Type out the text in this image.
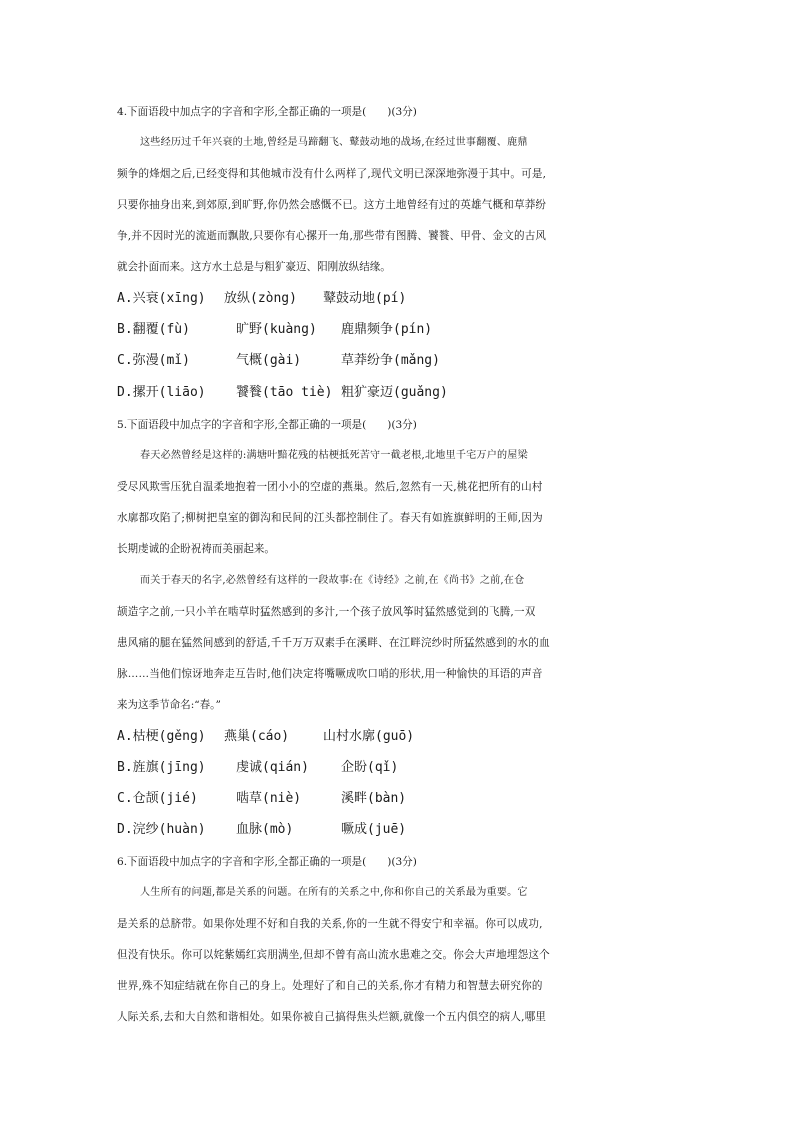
4.下面语段中加点字的字音和字形,全都正确的一项是(　　)(3分)
这些经历过千年兴衰的土地,曾经是马蹄翻飞、鼙鼓动地的战场,在经过世事翻覆、鹿鼎
频争的烽烟之后,已经变得和其他城市没有什么两样了,现代文明已深深地弥漫于其中。可是,
只要你抽身出来,到郊原,到旷野,你仍然会感慨不已。这方土地曾经有过的英雄气概和草莽纷
争,并不因时光的流逝而飘散,只要你有心摞开一角,那些带有图腾、饕餮、甲骨、金文的古风
就会扑面而来。这方水土总是与粗犷豪迈、阳刚放纵结缘。
A.兴衰(xīng) 放纵(zòng) 鼙鼓动地(pí)
B.翻覆(fù)	旷野(kuàng) 鹿鼎频争(pín)
C.弥漫(mǐ)	气概(gài)	草莽纷争(mǎng)
D.摞开(liāo) 饕餮(tāo tiè) 粗犷豪迈(guǎng)
5.下面语段中加点字的字音和字形,全都正确的一项是(　　)(3分)
春天必然曾经是这样的:满塘叶黯花残的枯梗抵死苦守一截老根,北地里千宅万户的屋梁
受尽风欺雪压犹自温柔地抱着一团小小的空虚的燕巢。然后,忽然有一天,桃花把所有的山村
水廓都攻陷了;柳树把皇室的御沟和民间的江头都控制住了。春天有如旌旗鲜明的王师,因为
长期虔诚的企盼祝祷而美丽起来。
而关于春天的名字,必然曾经有这样的一段故事:在《诗经》之前,在《尚书》之前,在仓
颉造字之前,一只小羊在啮草时猛然感到的多汁,一个孩子放风筝时猛然感觉到的飞腾,一双
患风痛的腿在猛然间感到的舒适,千千万万双素手在溪畔、在江畔浣纱时所猛然感到的水的血
脉……当他们惊讶地奔走互告时,他们决定将嘴噘成吹口哨的形状,用一种愉快的耳语的声音
来为这季节命名:“春。”
A.枯梗(gěng) 燕巢(cáo)	山村水廓(guō)
B.旌旗(jīng) 虔诚(qián) 企盼(qǐ)
C.仓颉(jié)	啮草(niè)	溪畔(bàn)
D.浣纱(huàn) 血脉(mò)	噘成(juē)
6.下面语段中加点字的字音和字形,全都正确的一项是(　　)(3分)
人生所有的问题,都是关系的问题。在所有的关系之中,你和你自己的关系最为重要。它
是关系的总脐带。如果你处理不好和自我的关系,你的一生就不得安宁和幸福。你可以成功,
但没有快乐。你可以姹紫嫣红宾朋满坐,但却不曾有高山流水患难之交。你会大声地埋怨这个
世界,殊不知症结就在你自己的身上。处理好了和自己的关系,你才有精力和智慧去研究你的
人际关系,去和大自然和谐相处。如果你被自己搞得焦头烂额,就像一个五内俱空的病人,哪里
